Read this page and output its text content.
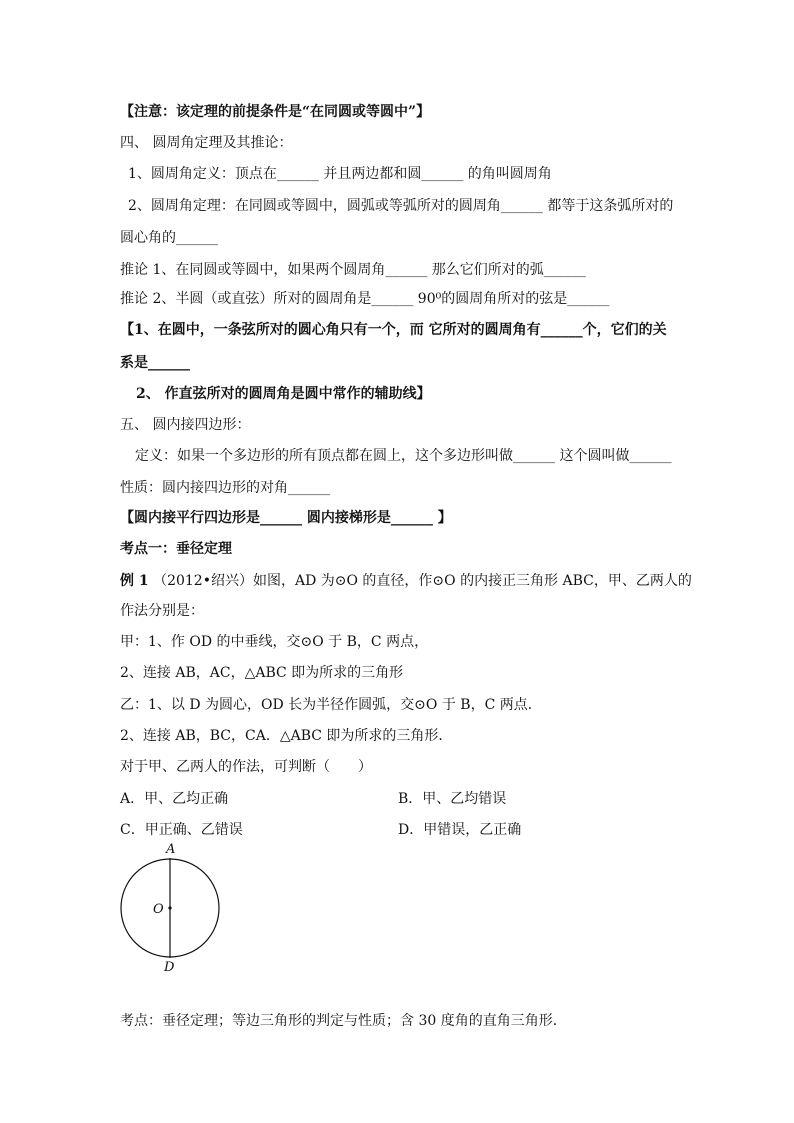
【注意：该定理的前提条件是“在同圆或等圆中”】
四、 圆周角定理及其推论：
1、圆周角定义：顶点在______ 并且两边都和圆______ 的角叫圆周角
2、圆周角定理：在同圆或等圆中，圆弧或等弧所对的圆周角______ 都等于这条弧所对的
圆心角的______
推论 1、在同圆或等圆中，如果两个圆周角______ 那么它们所对的弧______
推论 2、半圆（或直弦）所对的圆周角是______ 90⁰的圆周角所对的弦是______
【1、在圆中，一条弦所对的圆心角只有一个，而 它所对的圆周角有______个，它们的关
系是______
2、 作直弦所对的圆周角是圆中常作的辅助线】
五、 圆内接四边形：
定义：如果一个多边形的所有顶点都在圆上，这个多边形叫做______ 这个圆叫做______
性质：圆内接四边形的对角______
【圆内接平行四边形是______ 圆内接梯形是______ 】
考点一：垂径定理
例 1 （2012•绍兴）如图，AD 为⊙O 的直径，作⊙O 的内接正三角形 ABC，甲、乙两人的
作法分别是：
甲：1、作 OD 的中垂线，交⊙O 于 B，C 两点，
2、连接 AB，AC，△ABC 即为所求的三角形
乙：1、以 D 为圆心，OD 长为半径作圆弧，交⊙O 于 B，C 两点．
2、连接 AB，BC，CA．△ABC 即为所求的三角形．
对于甲、乙两人的作法，可判断（　　）
A．甲、乙均正确	B．甲、乙均错误
C．甲正确、乙错误	D．甲错误，乙正确
A
O
D
考点：垂径定理；等边三角形的判定与性质；含 30 度角的直角三角形．
